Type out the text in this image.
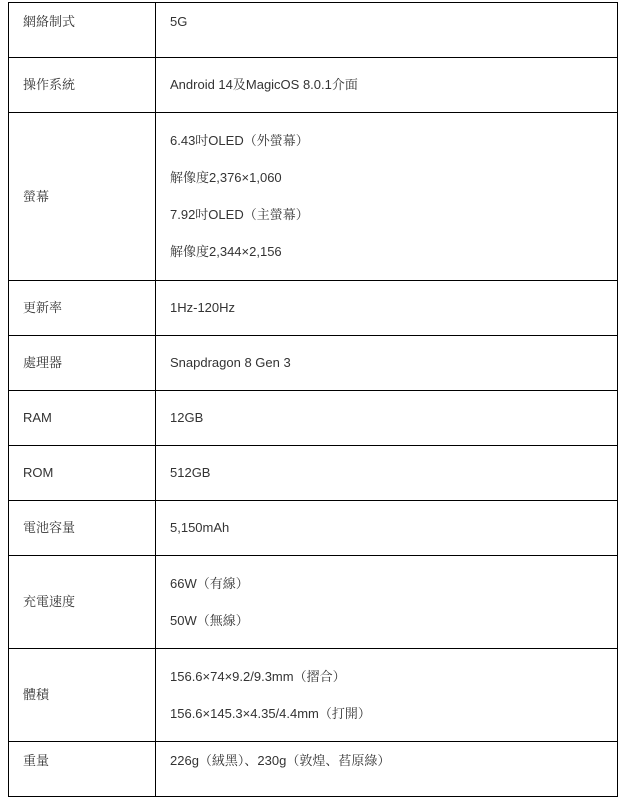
網絡制式	5G

操作系統	Android 14及MagicOS 8.0.1介面

螢幕	6.43吋OLED（外螢幕）

解像度2,376×1,060

7.92吋OLED（主螢幕）

解像度2,344×2,156

更新率	1Hz-120Hz

處理器	Snapdragon 8 Gen 3

RAM	12GB

ROM	512GB

電池容量	5,150mAh

充電速度	66W（有線）

50W（無線）

體積	156.6×74×9.2/9.3mm（摺合）

156.6×145.3×4.35/4.4mm（打開）

重量	226g（絨黑）、230g（敦煌、萏原綠）
